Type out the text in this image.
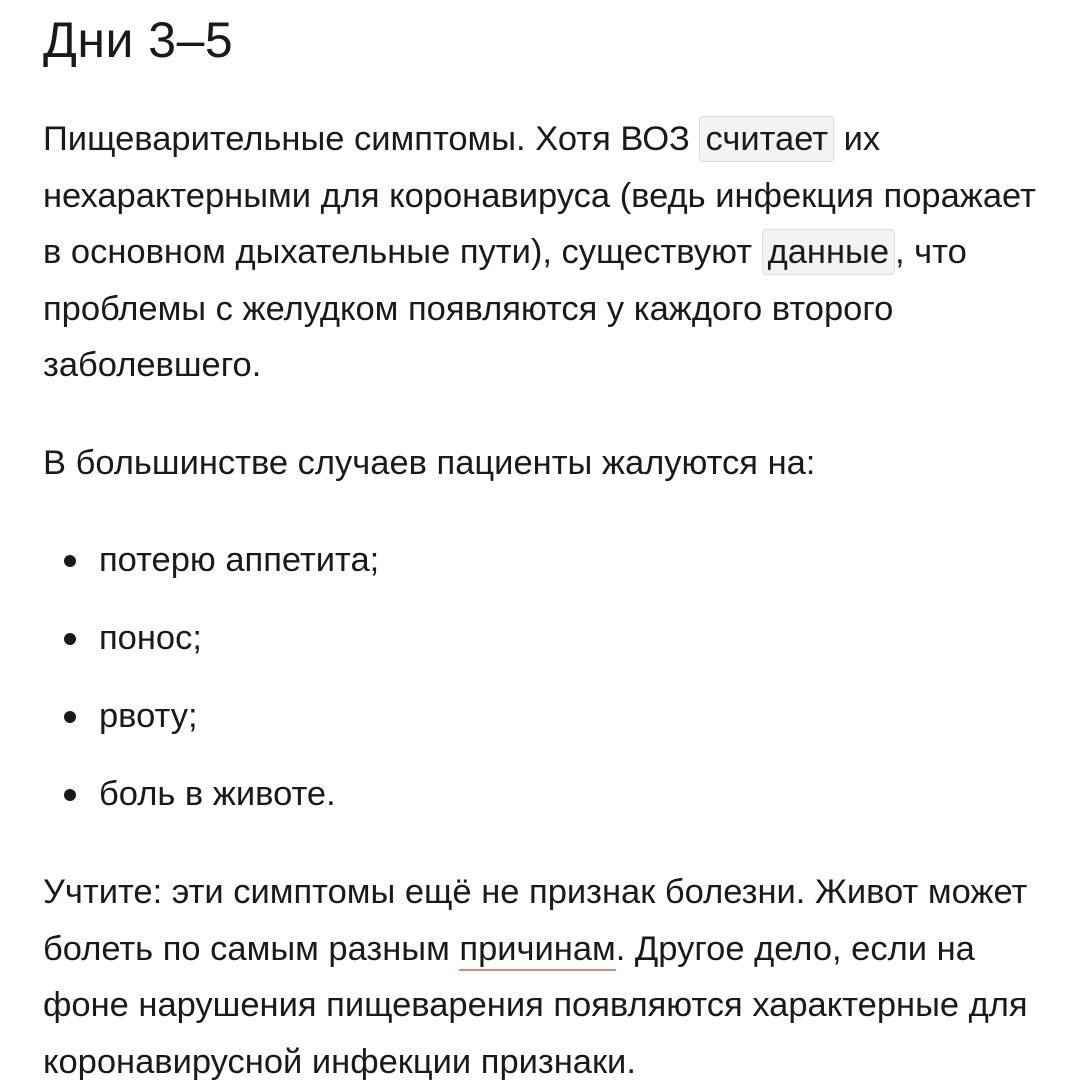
Дни 3–5

Пищеварительные симптомы. Хотя ВОЗ считает их нехарактерными для коронавируса (ведь инфекция поражает в основном дыхательные пути), существуют данные , что проблемы с желудком появляются у каждого второго заболевшего.

В большинстве случаев пациенты жалуются на:

потерю аппетита;
понос;
рвоту;
боль в животе.

Учтите: эти симптомы ещё не признак болезни. Живот может болеть по самым разным причинам. Другое дело, если на фоне нарушения пищеварения появляются характерные для коронавирусной инфекции признаки.
